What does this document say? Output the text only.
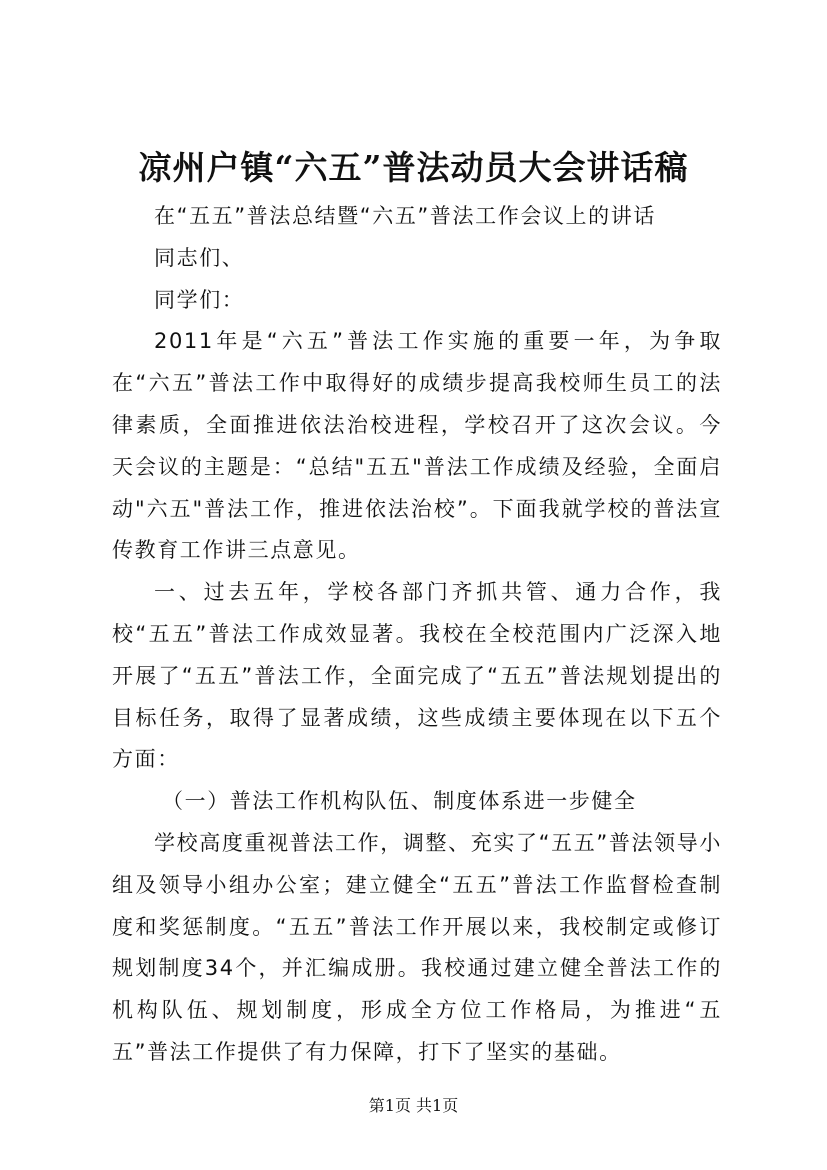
凉州户镇“六五”普法动员大会讲话稿

在“五五”普法总结暨“六五”普法工作会议上的讲话

同志们、

同学们：

2011年是“六五”普法工作实施的重要一年，为争取在“六五”普法工作中取得好的成绩步提高我校师生员工的法律素质，全面推进依法治校进程，学校召开了这次会议。今天会议的主题是：“总结"五五"普法工作成绩及经验，全面启动"六五"普法工作，推进依法治校”。下面我就学校的普法宣传教育工作讲三点意见。

一、过去五年，学校各部门齐抓共管、通力合作，我校“五五”普法工作成效显著。我校在全校范围内广泛深入地开展了“五五”普法工作，全面完成了“五五”普法规划提出的目标任务，取得了显著成绩，这些成绩主要体现在以下五个方面：

（一）普法工作机构队伍、制度体系进一步健全

学校高度重视普法工作，调整、充实了“五五”普法领导小组及领导小组办公室；建立健全“五五”普法工作监督检查制度和奖惩制度。“五五”普法工作开展以来，我校制定或修订规划制度34个，并汇编成册。我校通过建立健全普法工作的机构队伍、规划制度，形成全方位工作格局，为推进“五五”普法工作提供了有力保障，打下了坚实的基础。

第1页 共1页
